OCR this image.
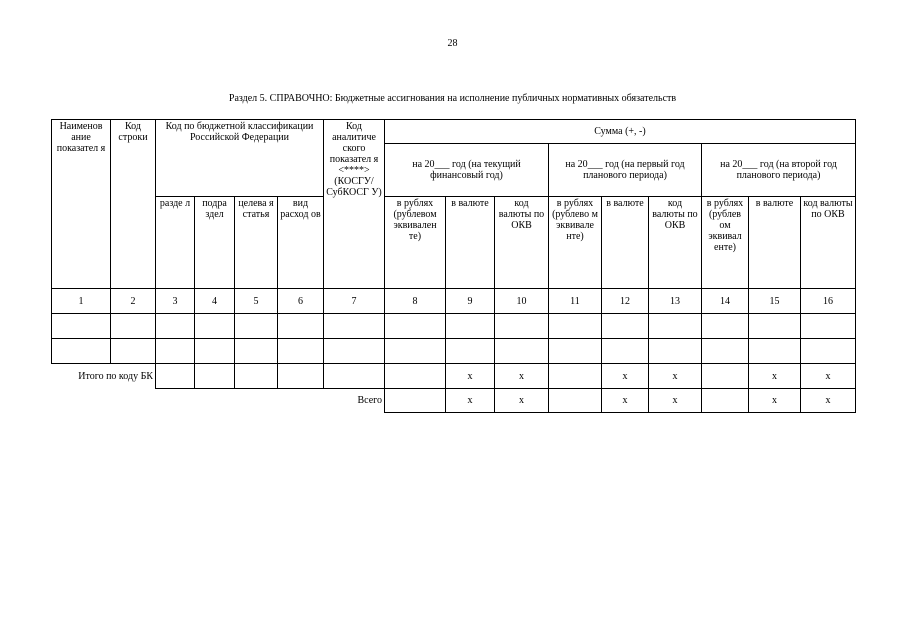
28
Раздел 5. СПРАВОЧНО: Бюджетные ассигнования на исполнение публичных нормативных обязательств
Наименов ание показател я	Код строки	Код по бюджетной классификации Российской Федерации				Код аналитиче ского показател я <****> (КОСГУ/ СубКОСГ У)	Сумма (+, -)								
							на 20___ год (на текущий финансовый год)			на 20___ год (на первый год планового периода)			на 20___ год (на второй год планового периода)		
		разде л	подра здел	целева я статья	вид расход ов		в рублях (рублевом эквивален те)	в валюте	код валюты по ОКВ	в рублях (рублево м эквивале нте)	в валюте	код валюты по ОКВ	в рублях (рублев ом эквивал енте)	в валюте	код валюты по ОКВ
1	2	3	4	5	6	7	8	9	10	11	12	13	14	15	16

Итого по коду БК								x	x		x	x		x	x
Всего								x	x		x	x		x	x
